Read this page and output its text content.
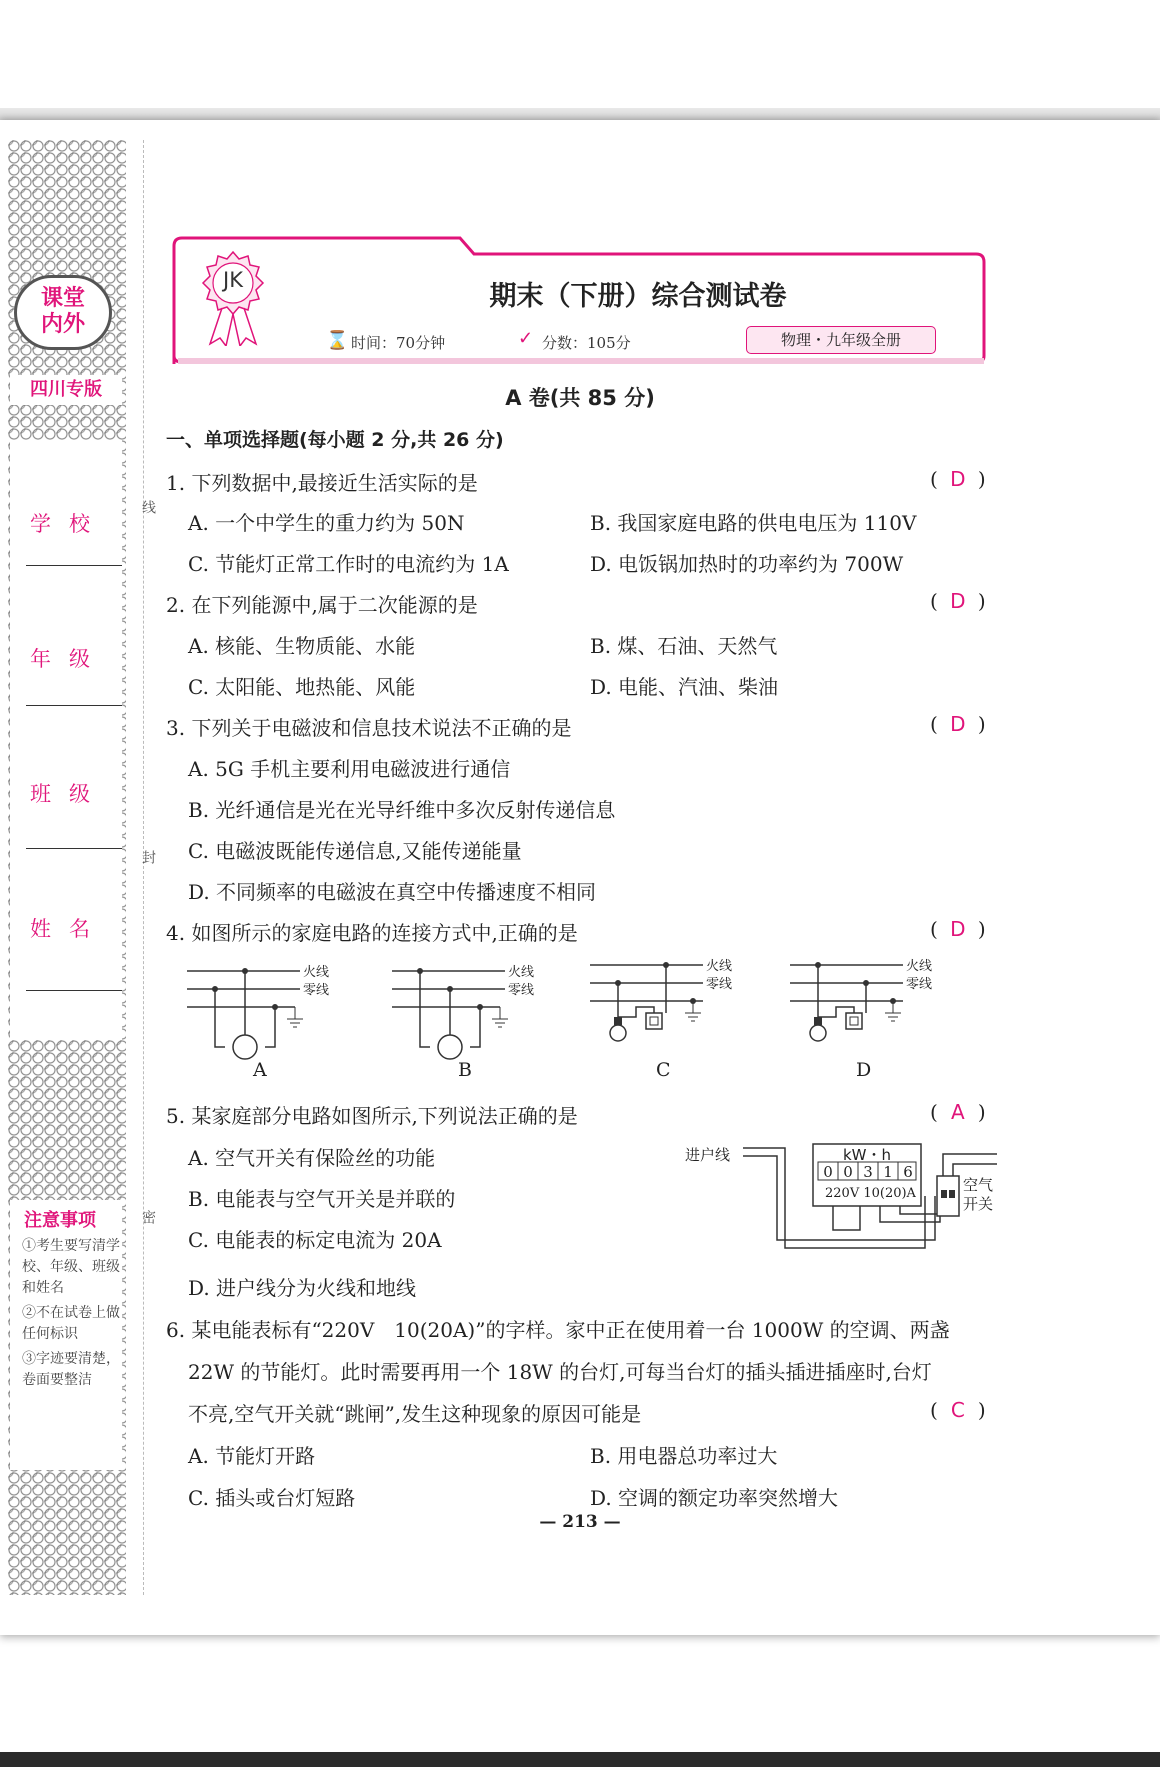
课堂
内外
四川专版
学校
年级
班级
姓名
线
封
密
注意事项
①考生要写清学校、年级、班级和姓名
②不在试卷上做任何标识
③字迹要清楚，卷面要整洁
JK
期末（下册）综合测试卷
⌛ 时间：70分钟	✓ 分数：105分	物理・九年级全册
A 卷(共 85 分)
一、单项选择题(每小题 2 分,共 26 分)
1. 下列数据中,最接近生活实际的是	( D )
A. 一个中学生的重力约为 50N	B. 我国家庭电路的供电电压为 110V
C. 节能灯正常工作时的电流约为 1A	D. 电饭锅加热时的功率约为 700W
2. 在下列能源中,属于二次能源的是	( D )
A. 核能、生物质能、水能	B. 煤、石油、天然气
C. 太阳能、地热能、风能	D. 电能、汽油、柴油
3. 下列关于电磁波和信息技术说法不正确的是	( D )
A. 5G 手机主要利用电磁波进行通信
B. 光纤通信是光在光导纤维中多次反射传递信息
C. 电磁波既能传递信息,又能传递能量
D. 不同频率的电磁波在真空中传播速度不相同
4. 如图所示的家庭电路的连接方式中,正确的是	( D )
火线
零线
A
火线
零线
B
火线
零线
C
火线
零线
D
5. 某家庭部分电路如图所示,下列说法正确的是	( A )
A. 空气开关有保险丝的功能
B. 电能表与空气开关是并联的
C. 电能表的标定电流为 20A
D. 进户线分为火线和地线
进户线	kW・h
0 0 3 1 6
220V 10(20)A	空气
开关
6. 某电能表标有“220V　10(20A)”的字样。家中正在使用着一台 1000W 的空调、两盏
22W 的节能灯。此时需要再用一个 18W 的台灯,可每当台灯的插头插进插座时,台灯
不亮,空气开关就“跳闸”,发生这种现象的原因可能是	( C )
A. 节能灯开路	B. 用电器总功率过大
C. 插头或台灯短路	D. 空调的额定功率突然增大
— 213 —
